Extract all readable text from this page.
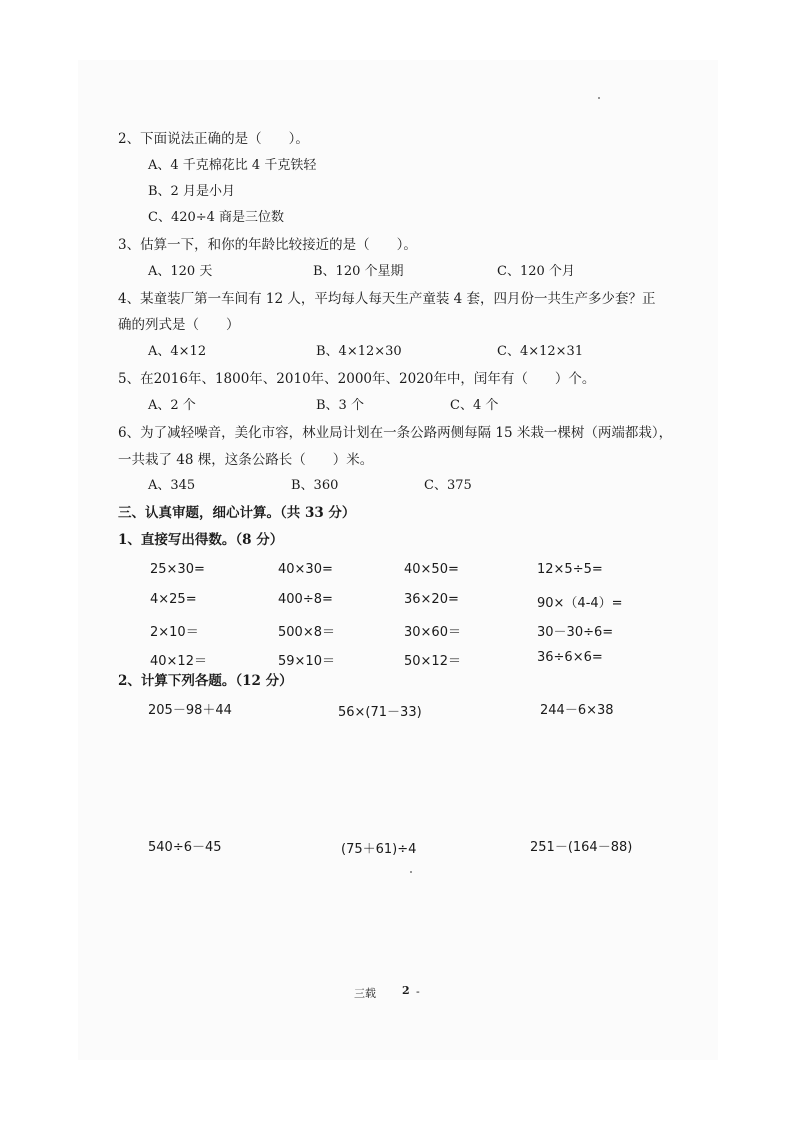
2、下面说法正确的是（　　）。
A、4 千克棉花比 4 千克铁轻
B、2 月是小月
C、420÷4 商是三位数
3、估算一下，和你的年龄比较接近的是（　　）。
A、120 天	B、120 个星期	C、120 个月
4、某童装厂第一车间有 12 人，平均每人每天生产童装 4 套，四月份一共生产多少套？正
确的列式是（　　）
A、4×12	B、4×12×30	C、4×12×31
5、在2016年、1800年、2010年、2000年、2020年中，闰年有（　　）个。
A、2 个	B、3 个	C、4 个
6、为了减轻噪音，美化市容，林业局计划在一条公路两侧每隔 15 米栽一棵树（两端都栽），
一共栽了 48 棵，这条公路长（　　）米。
A、345	B、360	C、375
三、认真审题，细心计算。（共 33 分）
1、直接写出得数。（8 分）
25×30=	40×30=	40×50=	12×5÷5=
4×25=	400÷8=	36×20=	90×（4-4）=
2×10＝	500×8＝	30×60＝	30－30÷6=
40×12＝	59×10＝	50×12＝	36÷6×6=
2、计算下列各题。（12 分）
205－98＋44	56×(71－33)	244－6×38
540÷6－45	(75＋61)÷4	251－(164－88)
三载 2 -
